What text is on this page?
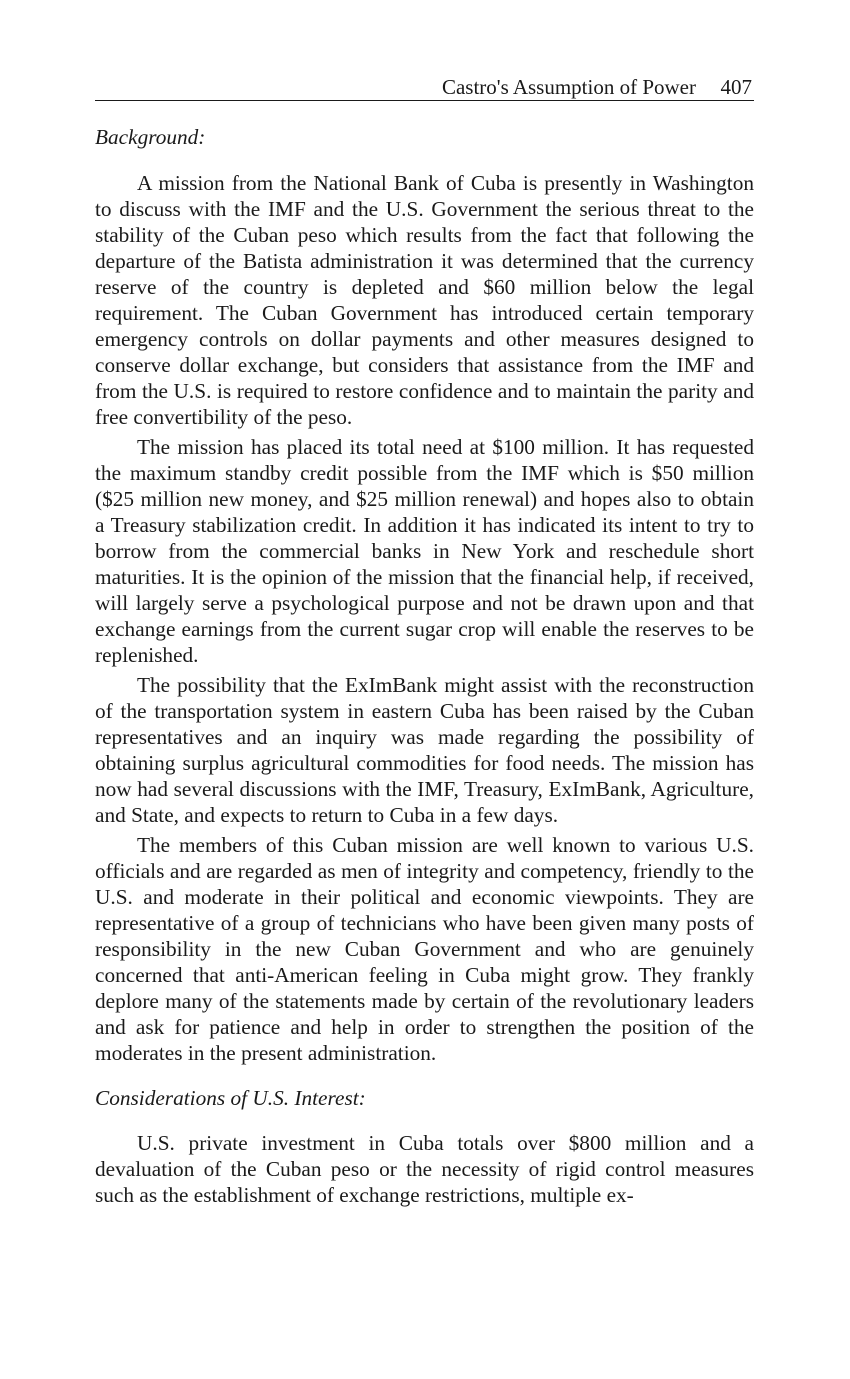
Castro's Assumption of Power 407

Background:

A mission from the National Bank of Cuba is presently in Washington to discuss with the IMF and the U.S. Government the serious threat to the stability of the Cuban peso which results from the fact that following the departure of the Batista administration it was determined that the currency reserve of the country is depleted and $60 million below the legal requirement. The Cuban Government has introduced certain temporary emergency controls on dollar payments and other measures designed to conserve dollar exchange, but considers that assistance from the IMF and from the U.S. is required to restore confidence and to maintain the parity and free convertibility of the peso.

The mission has placed its total need at $100 million. It has requested the maximum standby credit possible from the IMF which is $50 million ($25 million new money, and $25 million renewal) and hopes also to obtain a Treasury stabilization credit. In addition it has indicated its intent to try to borrow from the commercial banks in New York and reschedule short maturities. It is the opinion of the mission that the financial help, if received, will largely serve a psychological purpose and not be drawn upon and that exchange earnings from the current sugar crop will enable the reserves to be replenished.

The possibility that the ExImBank might assist with the reconstruction of the transportation system in eastern Cuba has been raised by the Cuban representatives and an inquiry was made regarding the possibility of obtaining surplus agricultural commodities for food needs. The mission has now had several discussions with the IMF, Treasury, ExImBank, Agriculture, and State, and expects to return to Cuba in a few days.

The members of this Cuban mission are well known to various U.S. officials and are regarded as men of integrity and competency, friendly to the U.S. and moderate in their political and economic viewpoints. They are representative of a group of technicians who have been given many posts of responsibility in the new Cuban Government and who are genuinely concerned that anti-American feeling in Cuba might grow. They frankly deplore many of the statements made by certain of the revolutionary leaders and ask for patience and help in order to strengthen the position of the moderates in the present administration.

Considerations of U.S. Interest:

U.S. private investment in Cuba totals over $800 million and a devaluation of the Cuban peso or the necessity of rigid control measures such as the establishment of exchange restrictions, multiple ex-
